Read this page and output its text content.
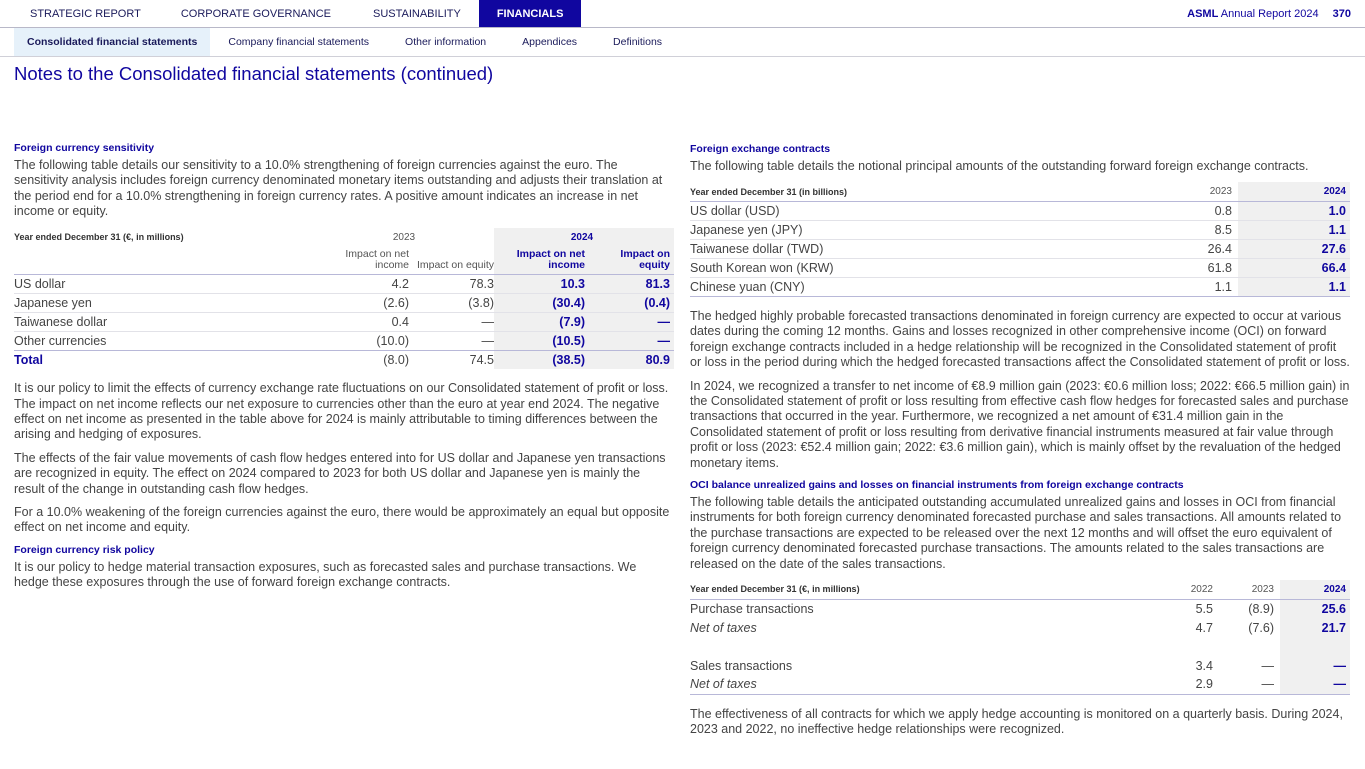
STRATEGIC REPORT	CORPORATE GOVERNANCE	SUSTAINABILITY	FINANCIALS	ASML Annual Report 2024 370
Consolidated financial statements	Company financial statements	Other information	Appendices	Definitions
Notes to the Consolidated financial statements (continued)
Foreign currency sensitivity

The following table details our sensitivity to a 10.0% strengthening of foreign currencies against the euro. The sensitivity analysis includes foreign currency denominated monetary items outstanding and adjusts their translation at the period end for a 10.0% strengthening in foreign currency rates. A positive amount indicates an increase in net income or equity.

Year ended December 31 (€, in millions)	2023		2024	
	Impact on net income	Impact on equity	Impact on net income	Impact on equity
US dollar	4.2	78.3	10.3	81.3
Japanese yen	(2.6)	(3.8)	(30.4)	(0.4)
Taiwanese dollar	0.4	—	(7.9)	—
Other currencies	(10.0)	—	(10.5)	—
Total	(8.0)	74.5	(38.5)	80.9

It is our policy to limit the effects of currency exchange rate fluctuations on our Consolidated statement of profit or loss. The impact on net income reflects our net exposure to currencies other than the euro at year end 2024. The negative effect on net income as presented in the table above for 2024 is mainly attributable to timing differences between the arising and hedging of exposures.

The effects of the fair value movements of cash flow hedges entered into for US dollar and Japanese yen transactions are recognized in equity. The effect on 2024 compared to 2023 for both US dollar and Japanese yen is mainly the result of the change in outstanding cash flow hedges.

For a 10.0% weakening of the foreign currencies against the euro, there would be approximately an equal but opposite effect on net income and equity.

Foreign currency risk policy

It is our policy to hedge material transaction exposures, such as forecasted sales and purchase transactions. We hedge these exposures through the use of forward foreign exchange contracts.

Foreign exchange contracts

The following table details the notional principal amounts of the outstanding forward foreign exchange contracts.

Year ended December 31 (in billions)	2023	2024
US dollar (USD)	0.8	1.0
Japanese yen (JPY)	8.5	1.1
Taiwanese dollar (TWD)	26.4	27.6
South Korean won (KRW)	61.8	66.4
Chinese yuan (CNY)	1.1	1.1

The hedged highly probable forecasted transactions denominated in foreign currency are expected to occur at various dates during the coming 12 months. Gains and losses recognized in other comprehensive income (OCI) on forward foreign exchange contracts included in a hedge relationship will be recognized in the Consolidated statement of profit or loss in the period during which the hedged forecasted transactions affect the Consolidated statement of profit or loss.

In 2024, we recognized a transfer to net income of €8.9 million gain (2023: €0.6 million loss; 2022: €66.5 million gain) in the Consolidated statement of profit or loss resulting from effective cash flow hedges for forecasted sales and purchase transactions that occurred in the year. Furthermore, we recognized a net amount of €31.4 million gain in the Consolidated statement of profit or loss resulting from derivative financial instruments measured at fair value through profit or loss (2023: €52.4 million gain; 2022: €3.6 million gain), which is mainly offset by the revaluation of the hedged monetary items.

OCI balance unrealized gains and losses on financial instruments from foreign exchange contracts

The following table details the anticipated outstanding accumulated unrealized gains and losses in OCI from financial instruments for both foreign currency denominated forecasted purchase and sales transactions. All amounts related to the purchase transactions are expected to be released over the next 12 months and will offset the euro equivalent of foreign currency denominated forecasted purchase transactions. The amounts related to the sales transactions are released on the date of the sales transactions.

Year ended December 31 (€, in millions)	2022	2023	2024
Purchase transactions	5.5	(8.9)	25.6
Net of taxes	4.7	(7.6)	21.7

Sales transactions	3.4	—	—
Net of taxes	2.9	—	—

The effectiveness of all contracts for which we apply hedge accounting is monitored on a quarterly basis. During 2024, 2023 and 2022, no ineffective hedge relationships were recognized.
